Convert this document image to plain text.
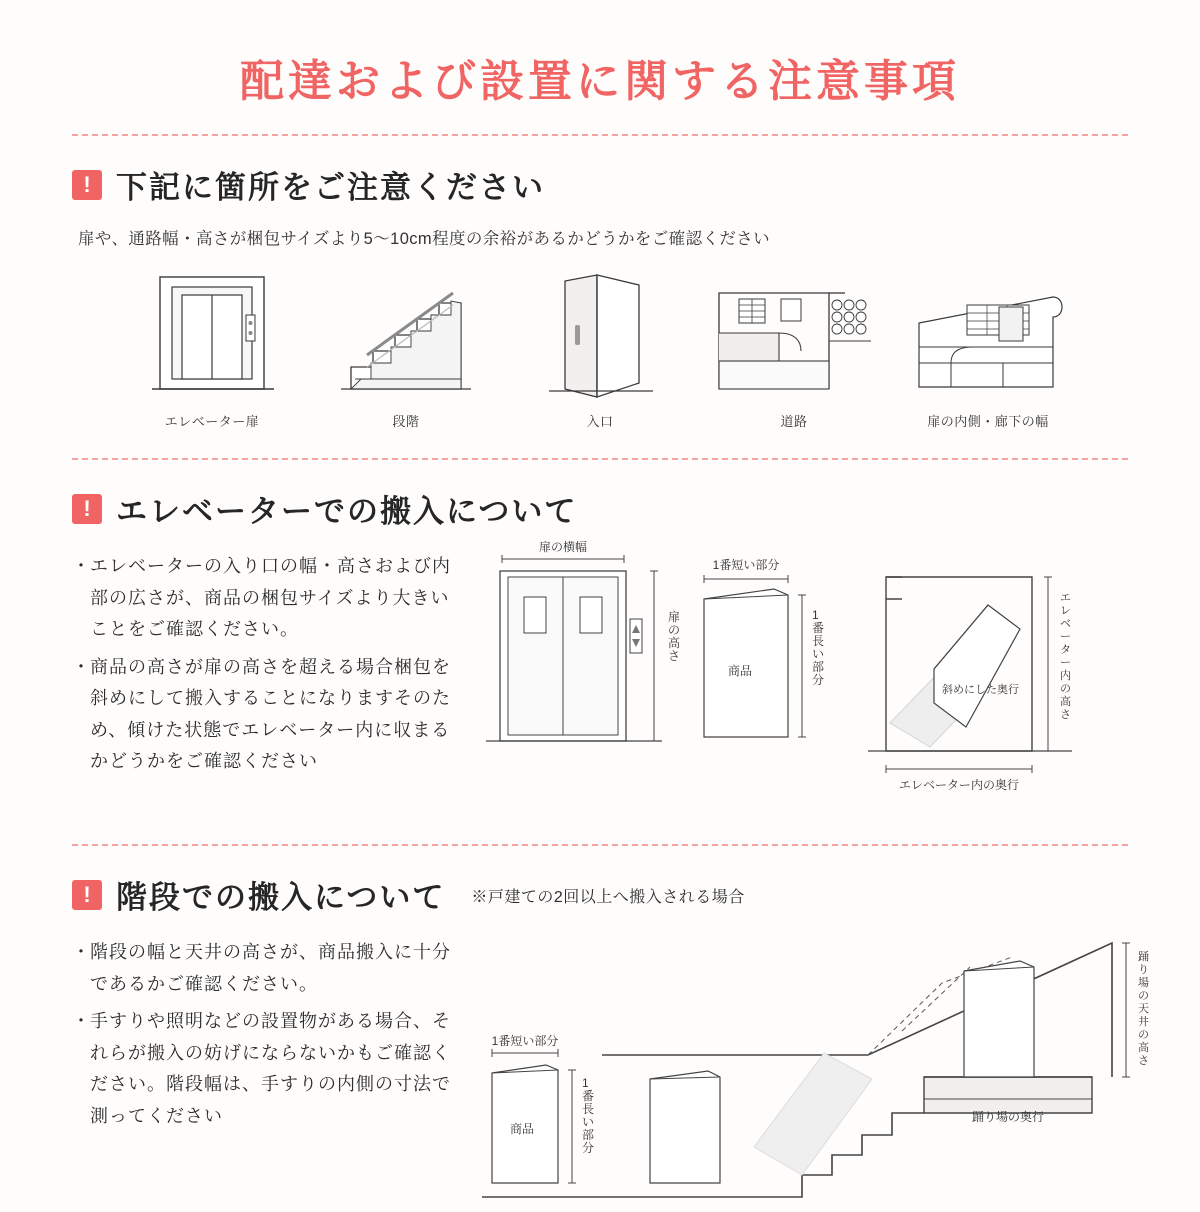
配達および設置に関する注意事項
! 下記に箇所をご注意ください
扉や、通路幅・高さが梱包サイズより5〜10cm程度の余裕があるかどうかをご確認ください
エレベーター扉	段階	入口	道路	扉の内側・廊下の幅
! エレベーターでの搬入について
・ エレベーターの入り口の幅・高さおよび内部の広さが、商品の梱包サイズより大きいことをご確認ください。
・ 商品の高さが扉の高さを超える場合梱包を斜めにして搬入することになりますそのため、傾けた状態でエレベーター内に収まるかどうかをご確認ください
扉の横幅
扉の高さ

1番短い部分
商品
1 番長い部分
斜めにした奥行
エレベーター内の高さ
エレベーター内の奥行
! 階段での搬入について ※戸建ての2回以上へ搬入される場合
・ 階段の幅と天井の高さが、商品搬入に十分であるかご確認ください。
・ 手すりや照明などの設置物がある場合、それらが搬入の妨げにならないかもご確認ください。階段幅は、手すりの内側の寸法で測ってください
1番短い部分
商品
1 番長い部分
踊り場の天井の高さ
踊り場の奥行
